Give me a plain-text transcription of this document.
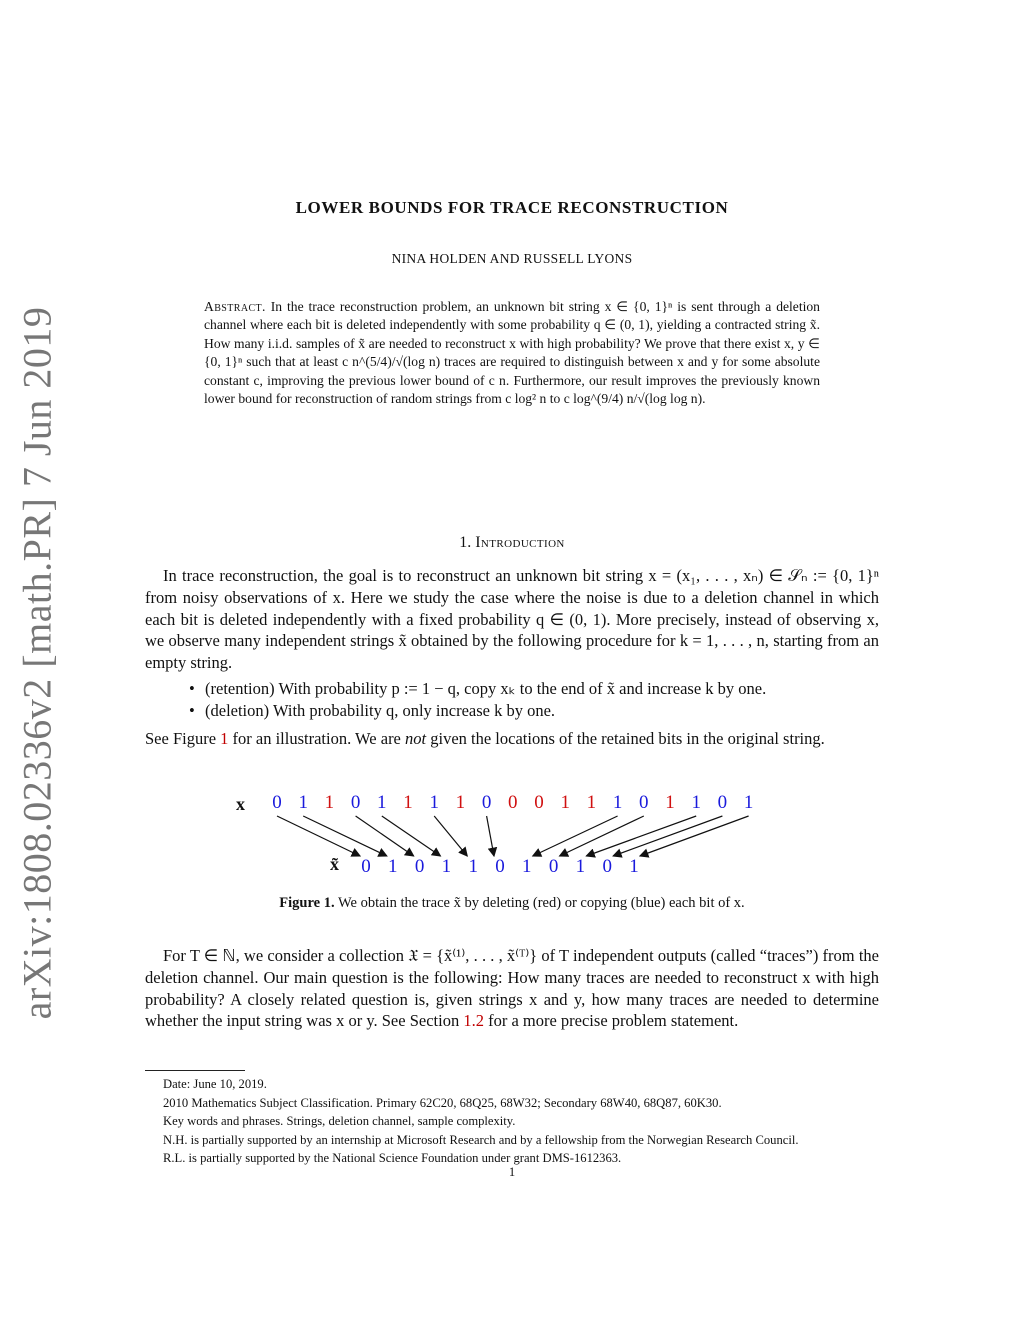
arXiv:1808.02336v2 [math.PR] 7 Jun 2019
LOWER BOUNDS FOR TRACE RECONSTRUCTION
NINA HOLDEN AND RUSSELL LYONS
Abstract. In the trace reconstruction problem, an unknown bit string x ∈ {0, 1}ⁿ is sent through a deletion channel where each bit is deleted independently with some probability q ∈ (0, 1), yielding a contracted string x̃. How many i.i.d. samples of x̃ are needed to reconstruct x with high probability? We prove that there exist x, y ∈ {0, 1}ⁿ such that at least c n^(5/4)/√(log n) traces are required to distinguish between x and y for some absolute constant c, improving the previous lower bound of c n. Furthermore, our result improves the previously known lower bound for reconstruction of random strings from c log² n to c log^(9/4) n/√(log log n).
1. Introduction
In trace reconstruction, the goal is to reconstruct an unknown bit string x = (x₁, . . . , xₙ) ∈ 𝒮ₙ := {0, 1}ⁿ from noisy observations of x. Here we study the case where the noise is due to a deletion channel in which each bit is deleted independently with a fixed probability q ∈ (0, 1). More precisely, instead of observing x, we observe many independent strings x̃ obtained by the following procedure for k = 1, . . . , n, starting from an empty string.
• (retention) With probability p := 1 − q, copy xₖ to the end of x̃ and increase k by one.
• (deletion) With probability q, only increase k by one.
See Figure 1 for an illustration. We are not given the locations of the retained bits in the original string.
x
x̃
0 1 1 0 1 1 1 1 0 0 0 1 1 1 0 1 1 0 1
0 1 0 1 1 0 1 0 1 0 1
Figure 1. We obtain the trace x̃ by deleting (red) or copying (blue) each bit of x.
For T ∈ ℕ, we consider a collection 𝔛 = {x̃⁽¹⁾, . . . , x̃⁽ᵀ⁾} of T independent outputs (called “traces”) from the deletion channel. Our main question is the following: How many traces are needed to reconstruct x with high probability? A closely related question is, given strings x and y, how many traces are needed to determine whether the input string was x or y. See Section 1.2 for a more precise problem statement.
Date: June 10, 2019.
2010 Mathematics Subject Classification. Primary 62C20, 68Q25, 68W32; Secondary 68W40, 68Q87, 60K30.
Key words and phrases. Strings, deletion channel, sample complexity.
N.H. is partially supported by an internship at Microsoft Research and by a fellowship from the Norwegian Research Council.
R.L. is partially supported by the National Science Foundation under grant DMS-1612363.
1
